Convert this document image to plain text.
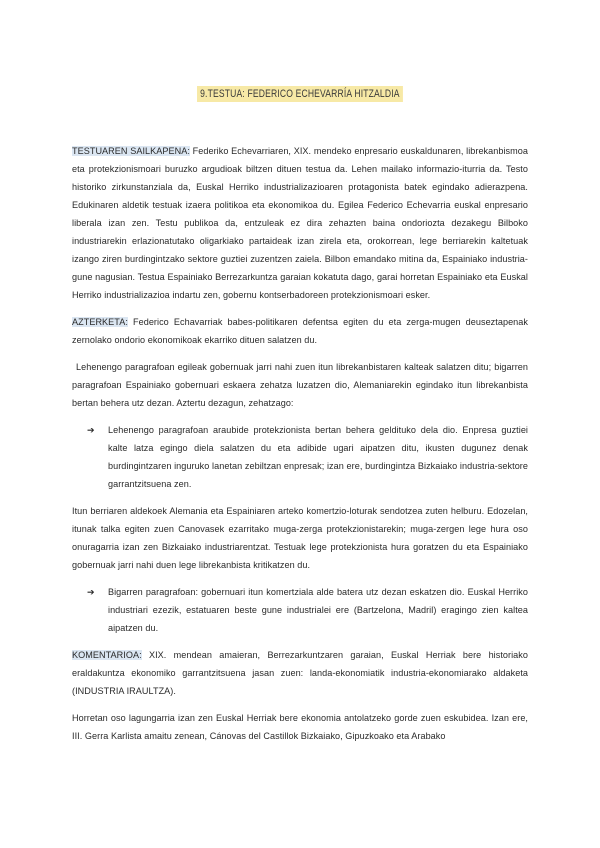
9.TESTUA: FEDERICO ECHEVARRÍA HITZALDIA

TESTUAREN SAILKAPENA: Federiko Echevarriaren, XIX. mendeko enpresario euskaldunaren, librekanbismoa eta protekzionismoari buruzko argudioak biltzen dituen testua da. Lehen mailako informazio-iturria da. Testo historiko zirkunstanziala da, Euskal Herriko industrializazioaren protagonista batek egindako adierazpena. Edukinaren aldetik testuak izaera politikoa eta ekonomikoa du. Egilea Federico Echevarria euskal enpresario liberala izan zen. Testu publikoa da, entzuleak ez dira zehazten baina ondorioztа dezakegu Bilboko industriarekin erlazionatutako oligarkiako partaideak izan zirela eta, orokorrean, lege berriarekin kaltetuak izango ziren burdingintzako sektore guztiei zuzentzen zaiela. Bilbon emandako mitina da, Espainiako industria-gune nagusian. Testua Espainiako Berrezarkuntza garaian kokatuta dago, garai horretan Espainiako eta Euskal Herriko industrializazioa indartu zen, gobernu kontserbadoreen protekzionismoari esker.

AZTERKETA: Federico Echavarriak babes-politikaren defentsa egiten du eta zerga-mugen deuseztapenak zernolako ondorio ekonomikoak ekarriko dituen salatzen du.

Lehenengo paragrafoan egileak gobernuak jarri nahi zuen itun librekanbistaren kalteak salatzen ditu; bigarren paragrafoan Espainiako gobernuari eskaera zehatza luzatzen dio, Alemaniarekin egindako itun librekanbista bertan behera utz dezan. Aztertu dezagun, zehatzago:

➔ Lehenengo paragrafoan araubide protekzionista bertan behera geldituko dela dio. Enpresa guztiei kalte latza egingo diela salatzen du eta adibide ugari aipatzen ditu, ikusten dugunez denak burdingintzaren inguruko lanetan zebiltzan enpresak; izan ere, burdingintza Bizkaiako industria-sektore garrantzitsuena zen.

Itun berriaren aldekoek Alemania eta Espainiaren arteko komertzio-loturak sendotzea zuten helburu. Edozelan, itunak talka egiten zuen Canovasek ezarritako muga-zerga protekzionistarekin; muga-zergen lege hura oso onuragarria izan zen Bizkaiako industriarentzat. Testuak lege protekzionista hura goratzen du eta Espainiako gobernuak jarri nahi duen lege librekanbista kritikatzen du.

➔ Bigarren paragrafoan: gobernuari itun komertziala alde batera utz dezan eskatzen dio. Euskal Herriko industriari ezezik, estatuaren beste gune industrialei ere (Bartzelona, Madril) eragingo zien kaltea aipatzen du.

KOMENTARIOA: XIX. mendean amaieran, Berrezarkuntzaren garaian, Euskal Herriak bere historiako eraldakuntza ekonomiko garrantzitsuena jasan zuen: landa-ekonomiatik industria-ekonomiarako aldaketa (INDUSTRIA IRAULTZA).

Horretan oso lagungarria izan zen Euskal Herriak bere ekonomia antolatzeko gorde zuen eskubidea. Izan ere, III. Gerra Karlista amaitu zenean, Cánovas del Castillok Bizkaiako, Gipuzkoako eta Arabako
